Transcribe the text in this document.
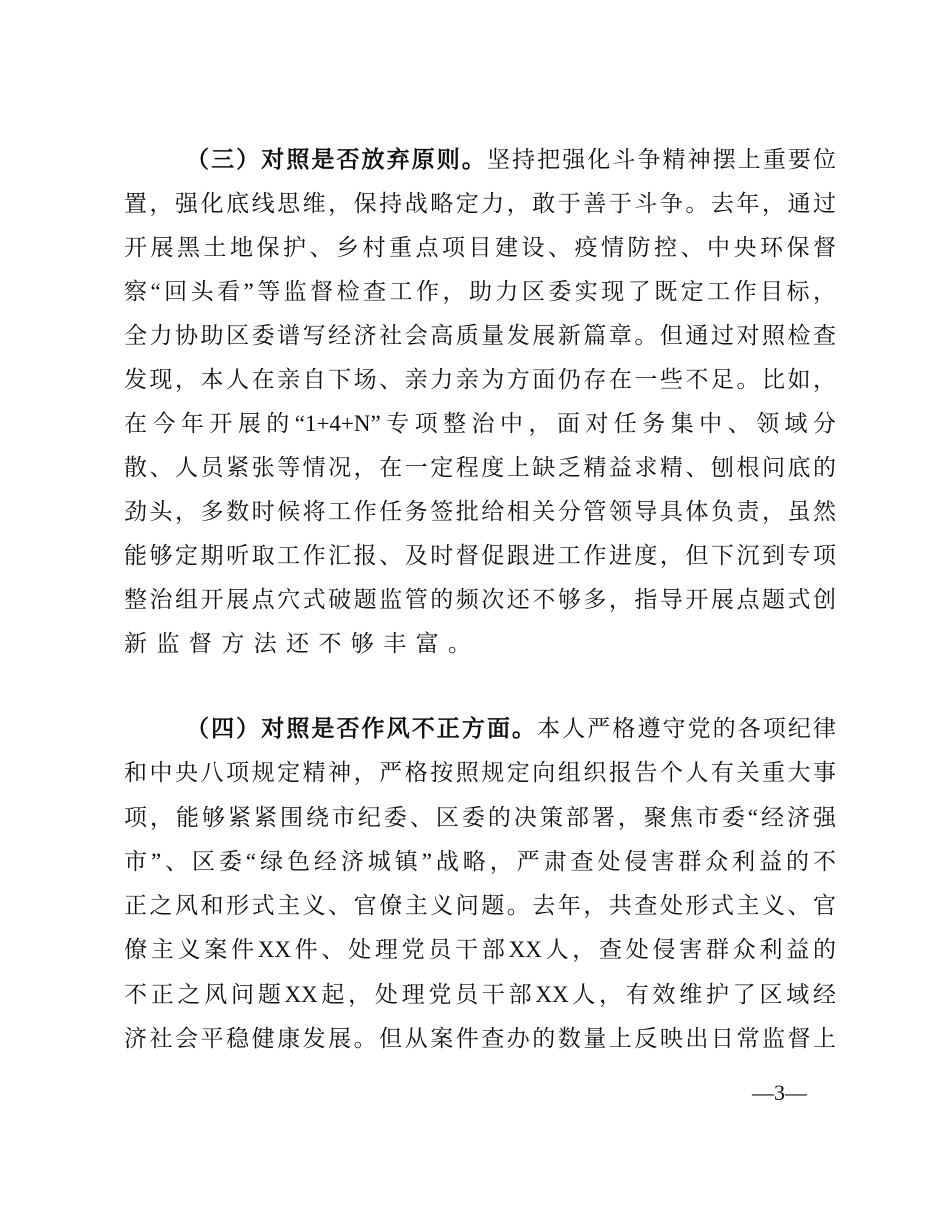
（三）对照是否放弃原则。坚持把强化斗争精神摆上重要位
置，强化底线思维，保持战略定力，敢于善于斗争。去年，通过
开展黑土地保护、乡村重点项目建设、疫情防控、中央环保督
察“回头看”等监督检查工作，助力区委实现了既定工作目标，
全力协助区委谱写经济社会高质量发展新篇章。但通过对照检查
发现，本人在亲自下场、亲力亲为方面仍存在一些不足。比如，
在今年开展的“1+4+N”专项整治中，面对任务集中、领域分
散、人员紧张等情况，在一定程度上缺乏精益求精、刨根问底的
劲头，多数时候将工作任务签批给相关分管领导具体负责，虽然
能够定期听取工作汇报、及时督促跟进工作进度，但下沉到专项
整治组开展点穴式破题监管的频次还不够多，指导开展点题式创
新监督方法还不够丰富。
（四）对照是否作风不正方面。本人严格遵守党的各项纪律
和中央八项规定精神，严格按照规定向组织报告个人有关重大事
项，能够紧紧围绕市纪委、区委的决策部署，聚焦市委“经济强
市”、区委“绿色经济城镇”战略，严肃查处侵害群众利益的不
正之风和形式主义、官僚主义问题。去年，共查处形式主义、官
僚主义案件XX件、处理党员干部XX人，查处侵害群众利益的
不正之风问题XX起，处理党员干部XX人，有效维护了区域经
济社会平稳健康发展。但从案件查办的数量上反映出日常监督上
—3—
